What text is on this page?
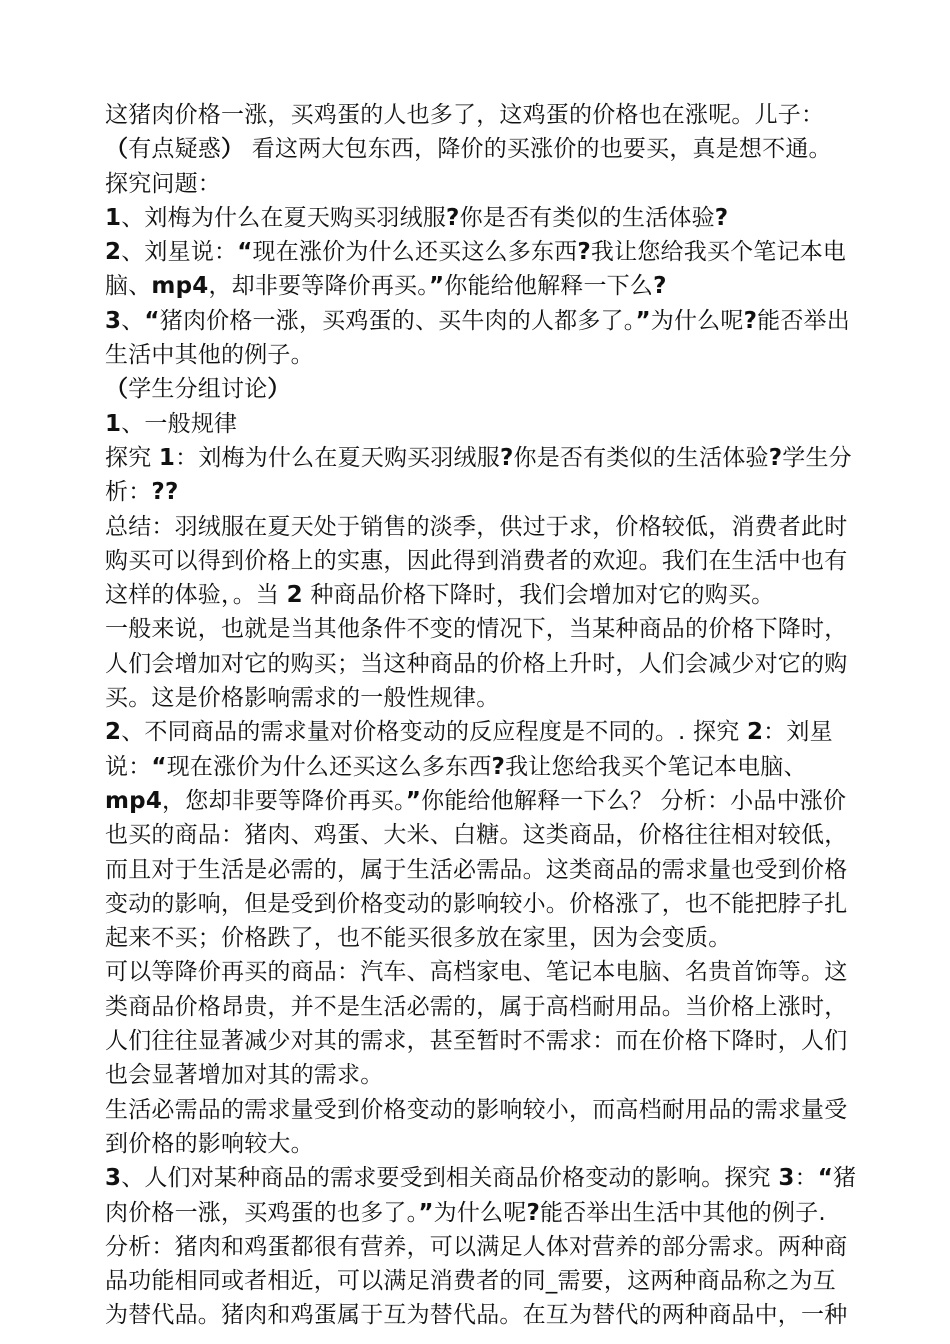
这猪肉价格一涨，买鸡蛋的人也多了，这鸡蛋的价格也在涨呢。儿子：
（有点疑惑） 看这两大包东西，降价的买涨价的也要买，真是想不通。
探究问题：
1、刘梅为什么在夏天购买羽绒服?你是否有类似的生活体验?
2、刘星说：“现在涨价为什么还买这么多东西?我让您给我买个笔记本电
脑、mp4，却非要等降价再买。”你能给他解释一下么?
3、“猪肉价格一涨，买鸡蛋的、买牛肉的人都多了。”为什么呢?能否举出
生活中其他的例子。
（学生分组讨论）
1、一般规律
探究 1：刘梅为什么在夏天购买羽绒服?你是否有类似的生活体验?学生分
析：??
总结：羽绒服在夏天处于销售的淡季，供过于求，价格较低，消费者此时
购买可以得到价格上的实惠，因此得到消费者的欢迎。我们在生活中也有
这样的体验，。当 2 种商品价格下降时，我们会增加对它的购买。
一般来说，也就是当其他条件不变的情况下，当某种商品的价格下降时，
人们会增加对它的购买；当这种商品的价格上升时，人们会减少对它的购
买。这是价格影响需求的一般性规律。
2、不同商品的需求量对价格变动的反应程度是不同的。. 探究 2：刘星
说：“现在涨价为什么还买这么多东西?我让您给我买个笔记本电脑、
mp4，您却非要等降价再买。”你能给他解释一下么？ 分析：小品中涨价
也买的商品：猪肉、鸡蛋、大米、白糖。这类商品，价格往往相对较低，
而且对于生活是必需的，属于生活必需品。这类商品的需求量也受到价格
变动的影响，但是受到价格变动的影响较小。价格涨了，也不能把脖子扎
起来不买；价格跌了，也不能买很多放在家里，因为会变质。
可以等降价再买的商品：汽车、高档家电、笔记本电脑、名贵首饰等。这
类商品价格昂贵，并不是生活必需的，属于高档耐用品。当价格上涨时，
人们往往显著减少对其的需求，甚至暂时不需求：而在价格下降时，人们
也会显著增加对其的需求。
生活必需品的需求量受到价格变动的影响较小，而高档耐用品的需求量受
到价格的影响较大。
3、人们对某种商品的需求要受到相关商品价格变动的影响。探究 3：“猪
肉价格一涨，买鸡蛋的也多了。”为什么呢?能否举出生活中其他的例子.
分析：猪肉和鸡蛋都很有营养，可以满足人体对营养的部分需求。两种商
品功能相同或者相近，可以满足消费者的同_需要，这两种商品称之为互
为替代品。猪肉和鸡蛋属于互为替代品。在互为替代的两种商品中，一种
